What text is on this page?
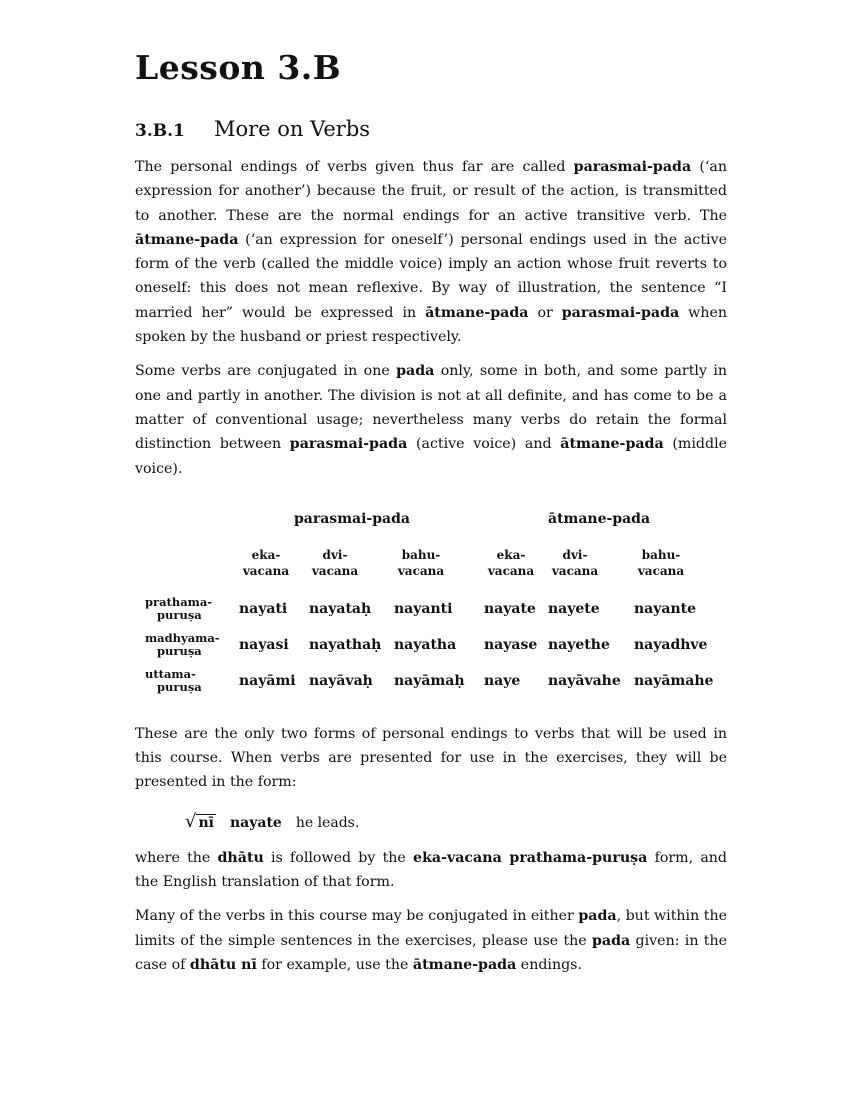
Lesson 3.B
3.B.1 More on Verbs

The personal endings of verbs given thus far are called parasmai-pada (‘an expression for another’) because the fruit, or result of the action, is transmitted to another. These are the normal endings for an active transitive verb. The ātmane-pada (‘an expression for oneself’) personal endings used in the active form of the verb (called the middle voice) imply an action whose fruit reverts to oneself: this does not mean reflexive. By way of illustration, the sentence “I married her” would be expressed in ātmane-pada or parasmai-pada when spoken by the husband or priest respectively.

Some verbs are conjugated in one pada only, some in both, and some partly in one and partly in another. The division is not at all definite, and has come to be a matter of conventional usage; nevertheless many verbs do retain the formal distinction between parasmai-pada (active voice) and ātmane-pada (middle voice).

parasmai-pada	ātmane-pada
eka-
vacana
dvi-
vacana
bahu-
vacana
eka-
vacana
dvi-
vacana
bahu-
vacana
prathama-
puruṣa
madhyama-
puruṣa
uttama-
puruṣa
nayati nayataḥ nayanti nayate nayete nayante
nayasi nayathaḥ nayatha nayase nayethe nayadhve
nayāmi nayāvaḥ nayāmaḥ naye nayāvahe nayāmahe

These are the only two forms of personal endings to verbs that will be used in this course. When verbs are presented for use in the exercises, they will be presented in the form:

√ nī nayate he leads.

where the dhātu is followed by the eka-vacana prathama-puruṣa form, and the English translation of that form.

Many of the verbs in this course may be conjugated in either pada, but within the limits of the simple sentences in the exercises, please use the pada given: in the case of dhātu nī for example, use the ātmane-pada endings.
